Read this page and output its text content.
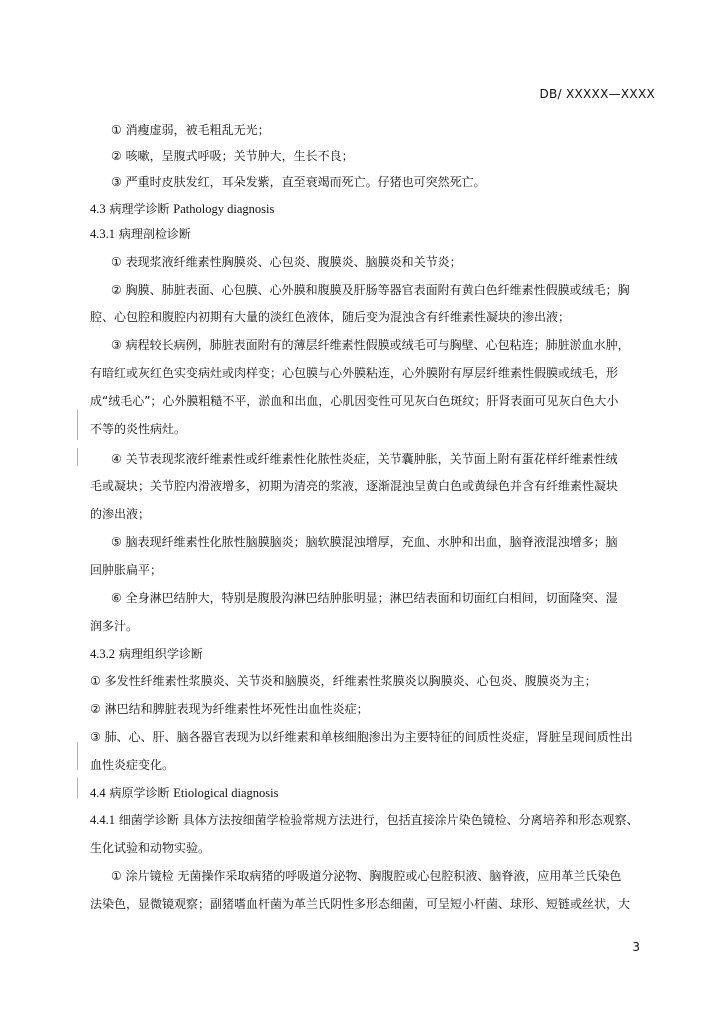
DB/ XXXXX—XXXX
① 消瘦虚弱，被毛粗乱无光；
② 咳嗽，呈腹式呼吸；关节肿大，生长不良；
③ 严重时皮肤发红，耳朵发紫，直至衰竭而死亡。仔猪也可突然死亡。
4.3 病理学诊断 Pathology diagnosis
4.3.1 病理剖检诊断
① 表现浆液纤维素性胸膜炎、心包炎、腹膜炎、脑膜炎和关节炎；
② 胸膜、肺脏表面、心包膜、心外膜和腹膜及肝肠等器官表面附有黄白色纤维素性假膜或绒毛；胸
腔、心包腔和腹腔内初期有大量的淡红色液体，随后变为混浊含有纤维素性凝块的渗出液；
③ 病程较长病例，肺脏表面附有的薄层纤维素性假膜或绒毛可与胸壁、心包粘连；肺脏淤血水肿，
有暗红或灰红色实变病灶或肉样变；心包膜与心外膜粘连，心外膜附有厚层纤维素性假膜或绒毛，形
成“绒毛心”；心外膜粗糙不平，淤血和出血，心肌因变性可见灰白色斑纹；肝肾表面可见灰白色大小
不等的炎性病灶。
④ 关节表现浆液纤维素性或纤维素性化脓性炎症，关节囊肿胀，关节面上附有蛋花样纤维素性绒
毛或凝块；关节腔内滑液增多，初期为清亮的浆液，逐渐混浊呈黄白色或黄绿色并含有纤维素性凝块
的渗出液；
⑤ 脑表现纤维素性化脓性脑膜脑炎；脑软膜混浊增厚，充血、水肿和出血，脑脊液混浊增多；脑
回肿胀扁平；
⑥ 全身淋巴结肿大，特别是腹股沟淋巴结肿胀明显；淋巴结表面和切面红白相间，切面隆突、湿
润多汁。
4.3.2 病理组织学诊断
① 多发性纤维素性浆膜炎、关节炎和脑膜炎，纤维素性浆膜炎以胸膜炎、心包炎、腹膜炎为主；
② 淋巴结和脾脏表现为纤维素性坏死性出血性炎症；
③ 肺、心、肝、脑各器官表现为以纤维素和单核细胞渗出为主要特征的间质性炎症，肾脏呈现间质性出
血性炎症变化。
4.4 病原学诊断 Etiological diagnosis
4.4.1 细菌学诊断 具体方法按细菌学检验常规方法进行，包括直接涂片染色镜检、分离培养和形态观察、
生化试验和动物实验。
① 涂片镜检 无菌操作采取病猪的呼吸道分泌物、胸腹腔或心包腔积液、脑脊液，应用革兰氏染色
法染色，显微镜观察；副猪嗜血杆菌为革兰氏阴性多形态细菌，可呈短小杆菌、球形、短链或丝状，大
3
